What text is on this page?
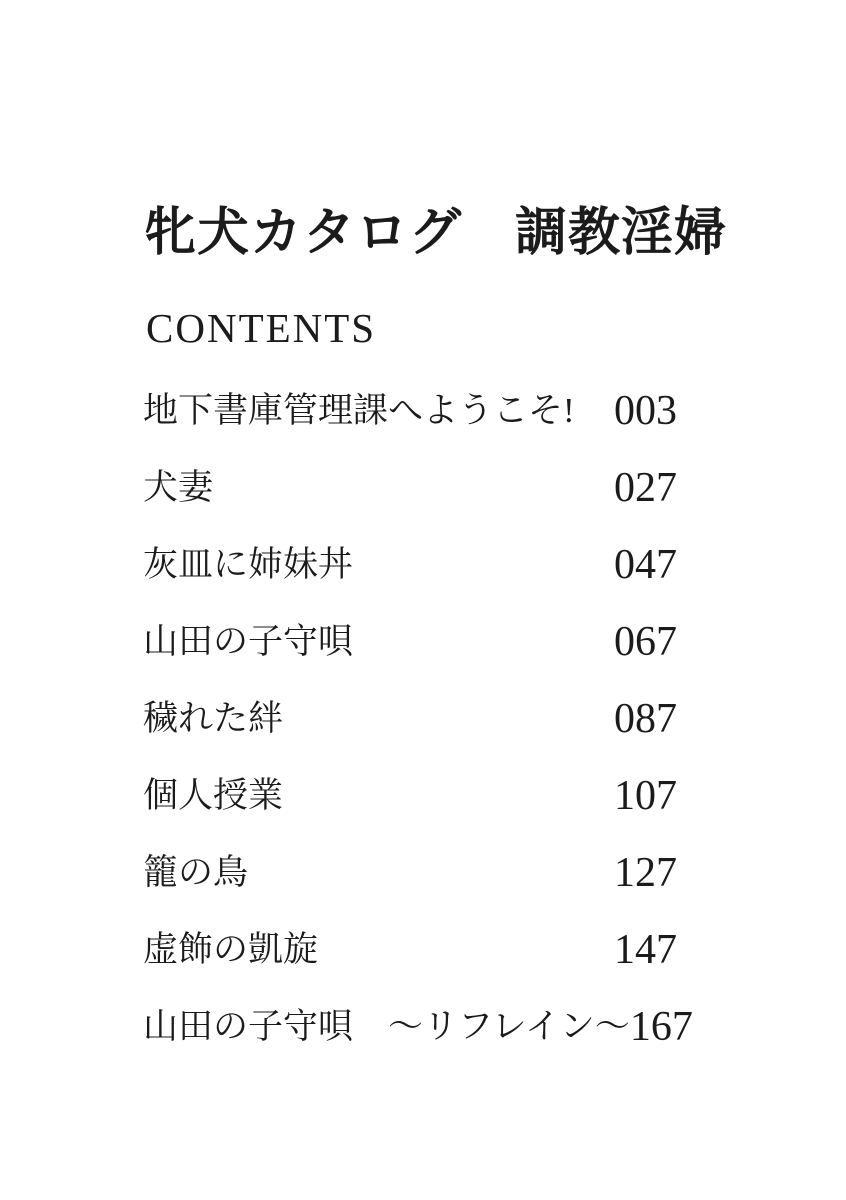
牝犬カタログ　調教淫婦
CONTENTS
地下書庫管理課へようこそ! 003
犬妻	027
灰皿に姉妹丼	047
山田の子守唄	067
穢れた絆	087
個人授業	107
籠の鳥	127
虚飾の凱旋	147
山田の子守唄　～リフレイン～ 167
